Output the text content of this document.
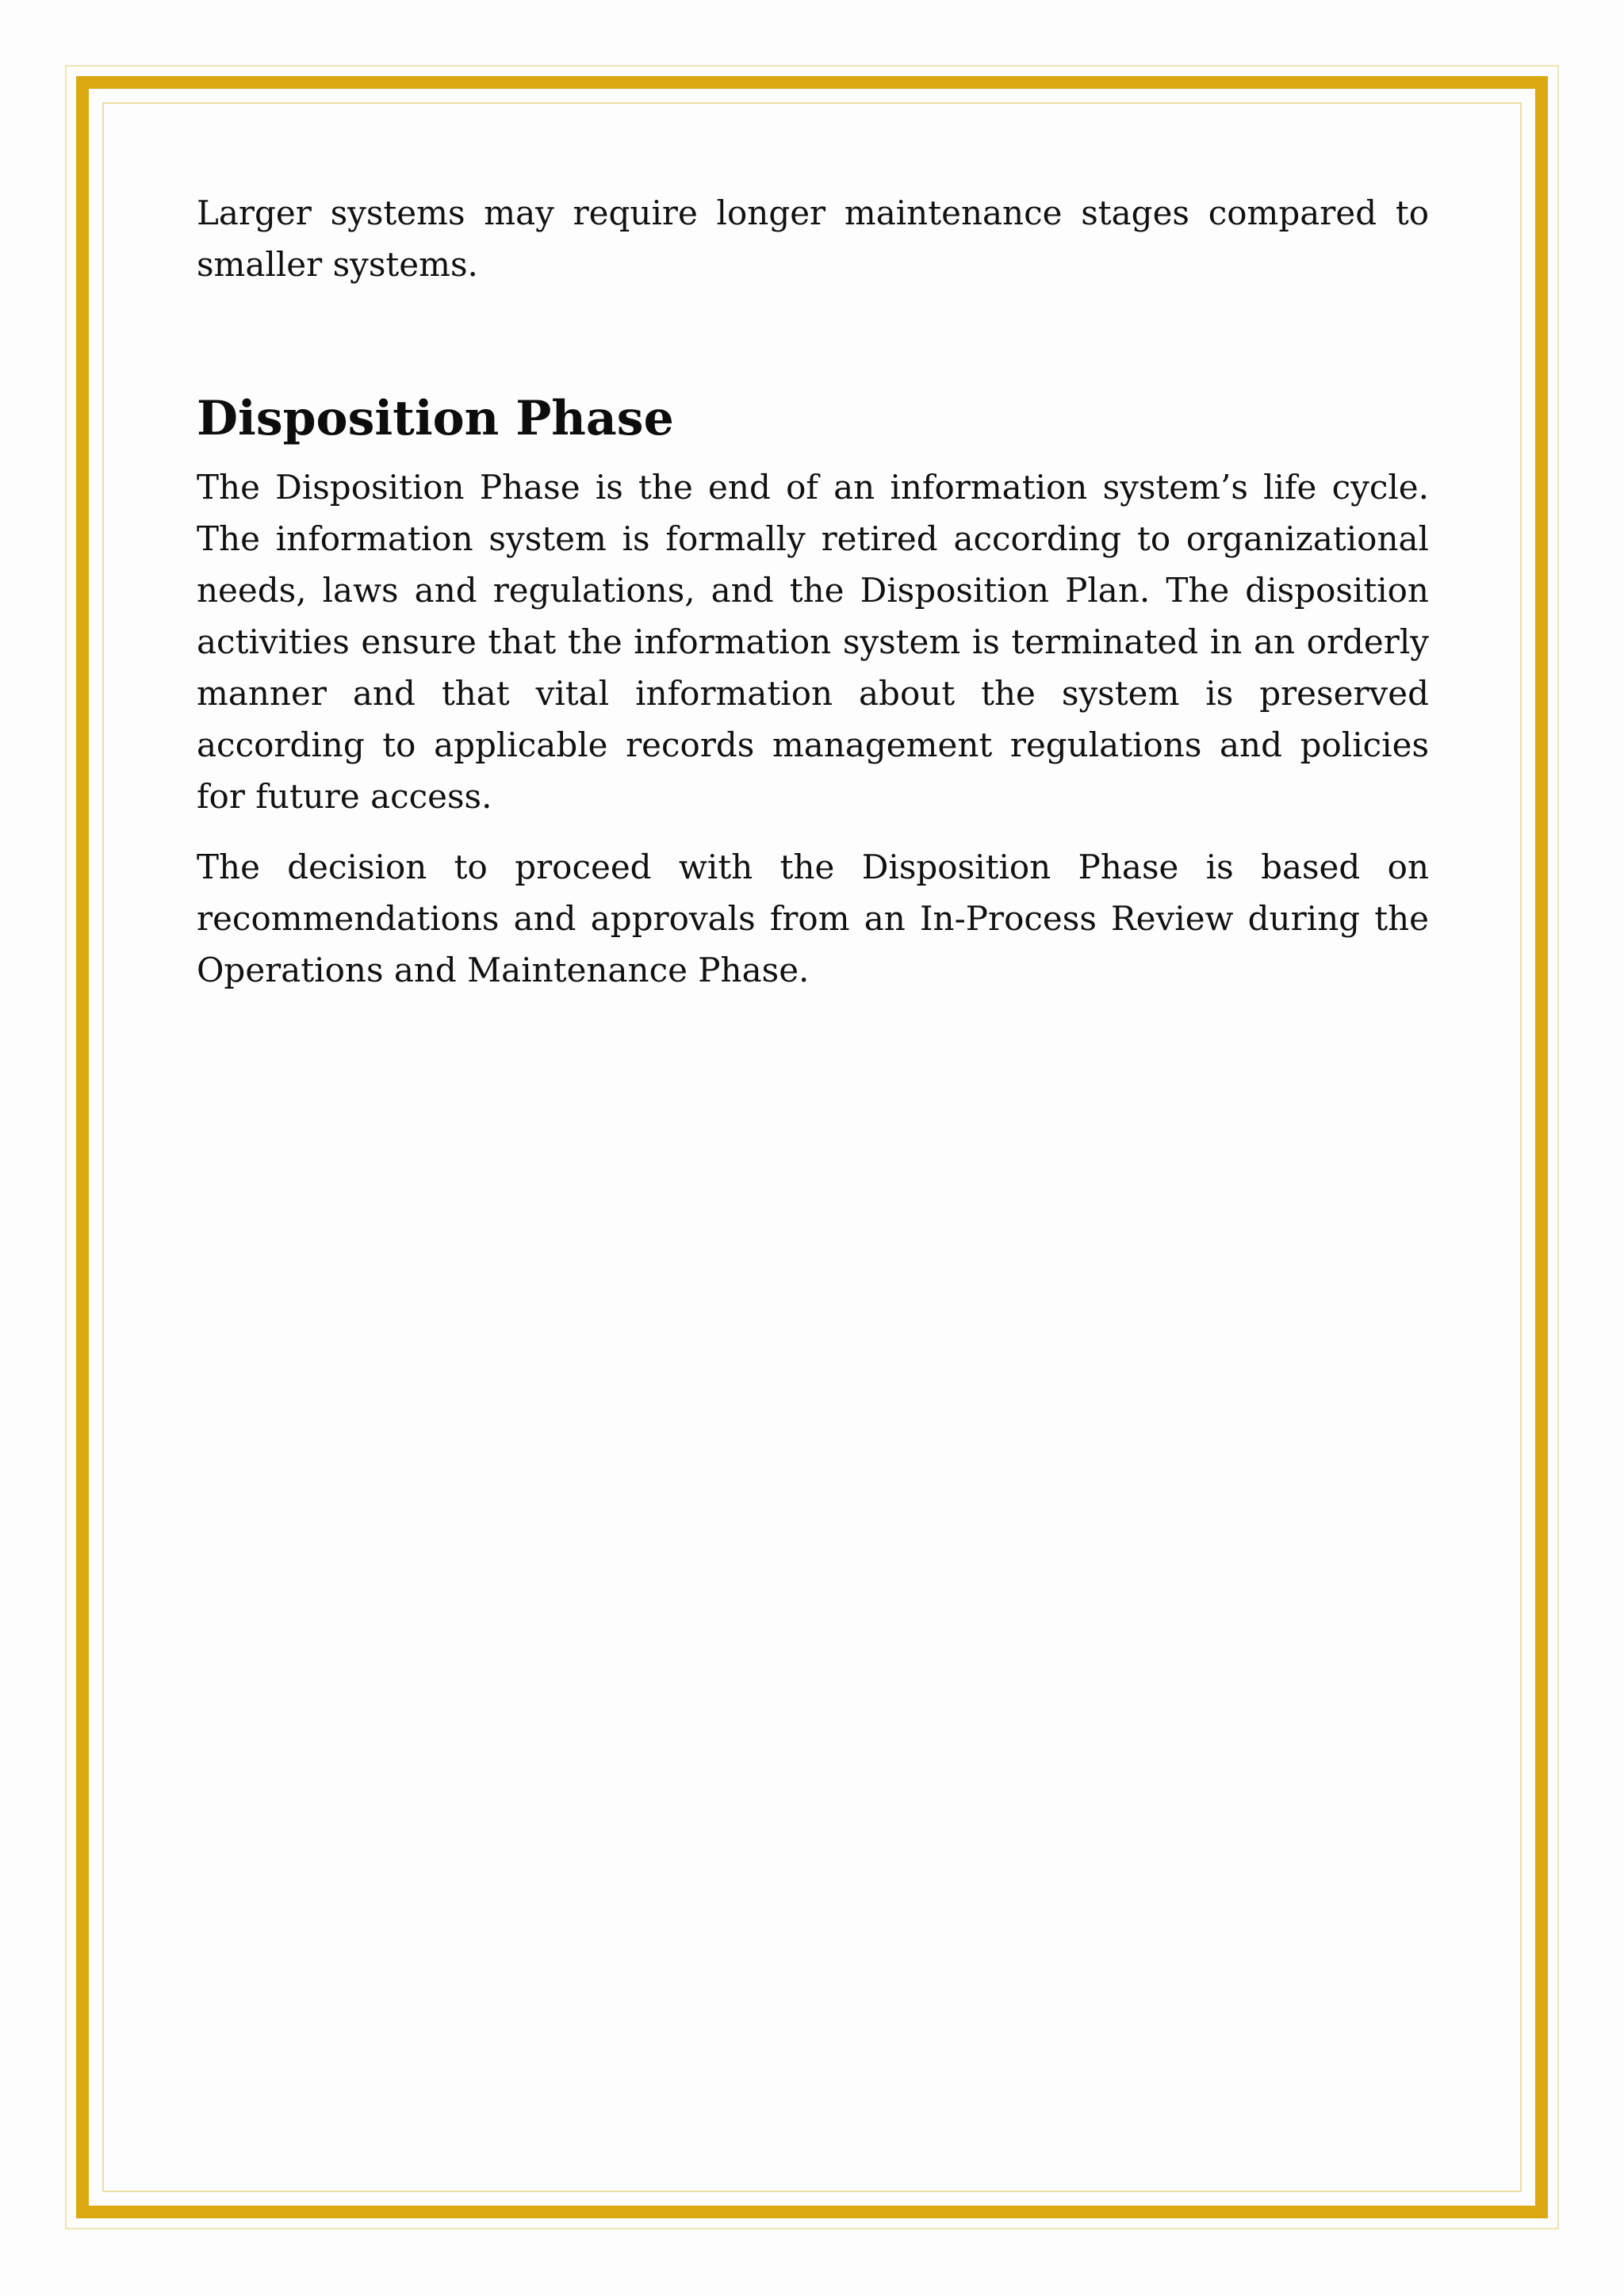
Larger systems may require longer maintenance stages compared to smaller systems.

Disposition Phase

The Disposition Phase is the end of an information system’s life cycle. The information system is formally retired according to organizational needs, laws and regulations, and the Disposition Plan. The disposition activities ensure that the information system is terminated in an orderly manner and that vital information about the system is preserved according to applicable records management regulations and policies for future access.

The decision to proceed with the Disposition Phase is based on recommendations and approvals from an In-Process Review during the Operations and Maintenance Phase.
